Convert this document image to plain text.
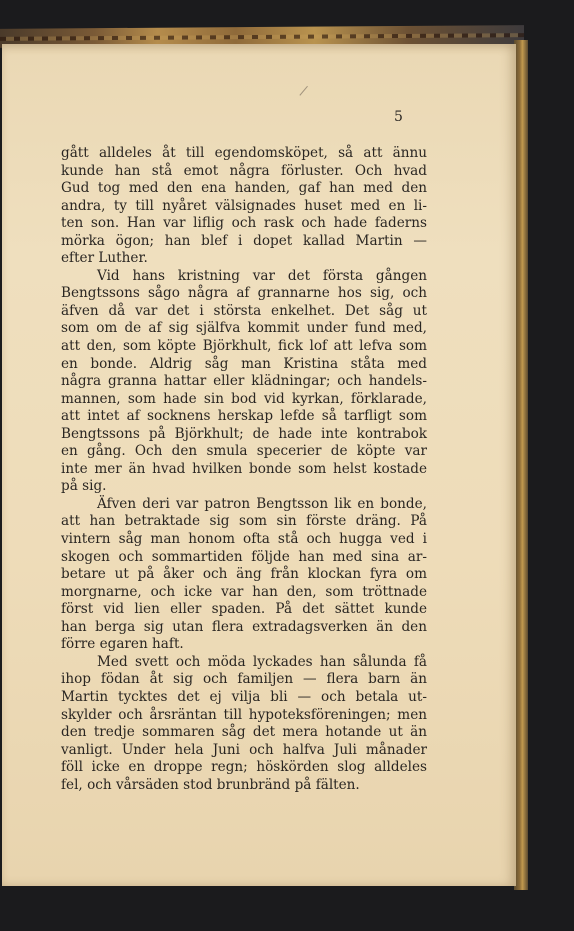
5
gått alldeles åt till egendomsköpet, så att ännu
kunde han stå emot några förluster. Och hvad
Gud tog med den ena handen, gaf han med den
andra, ty till nyåret välsignades huset med en li-
ten son. Han var liflig och rask och hade faderns
mörka ögon; han blef i dopet kallad Martin —
efter Luther.
Vid hans kristning var det första gången
Bengtssons sågo några af grannarne hos sig, och
äfven då var det i största enkelhet. Det såg ut
som om de af sig själfva kommit under fund med,
att den, som köpte Björkhult, fick lof att lefva som
en bonde. Aldrig såg man Kristina ståta med
några granna hattar eller klädningar; och handels-
mannen, som hade sin bod vid kyrkan, förklarade,
att intet af socknens herskap lefde så tarfligt som
Bengtssons på Björkhult; de hade inte kontrabok
en gång. Och den smula specerier de köpte var
inte mer än hvad hvilken bonde som helst kostade
på sig.
Äfven deri var patron Bengtsson lik en bonde,
att han betraktade sig som sin förste dräng. På
vintern såg man honom ofta stå och hugga ved i
skogen och sommartiden följde han med sina ar-
betare ut på åker och äng från klockan fyra om
morgnarne, och icke var han den, som tröttnade
först vid lien eller spaden. På det sättet kunde
han berga sig utan flera extradagsverken än den
förre egaren haft.
Med svett och möda lyckades han sålunda få
ihop födan åt sig och familjen — flera barn än
Martin tycktes det ej vilja bli — och betala ut-
skylder och årsräntan till hypoteksföreningen; men
den tredje sommaren såg det mera hotande ut än
vanligt. Under hela Juni och halfva Juli månader
föll icke en droppe regn; höskörden slog alldeles
fel, och vårsäden stod brunbränd på fälten.
